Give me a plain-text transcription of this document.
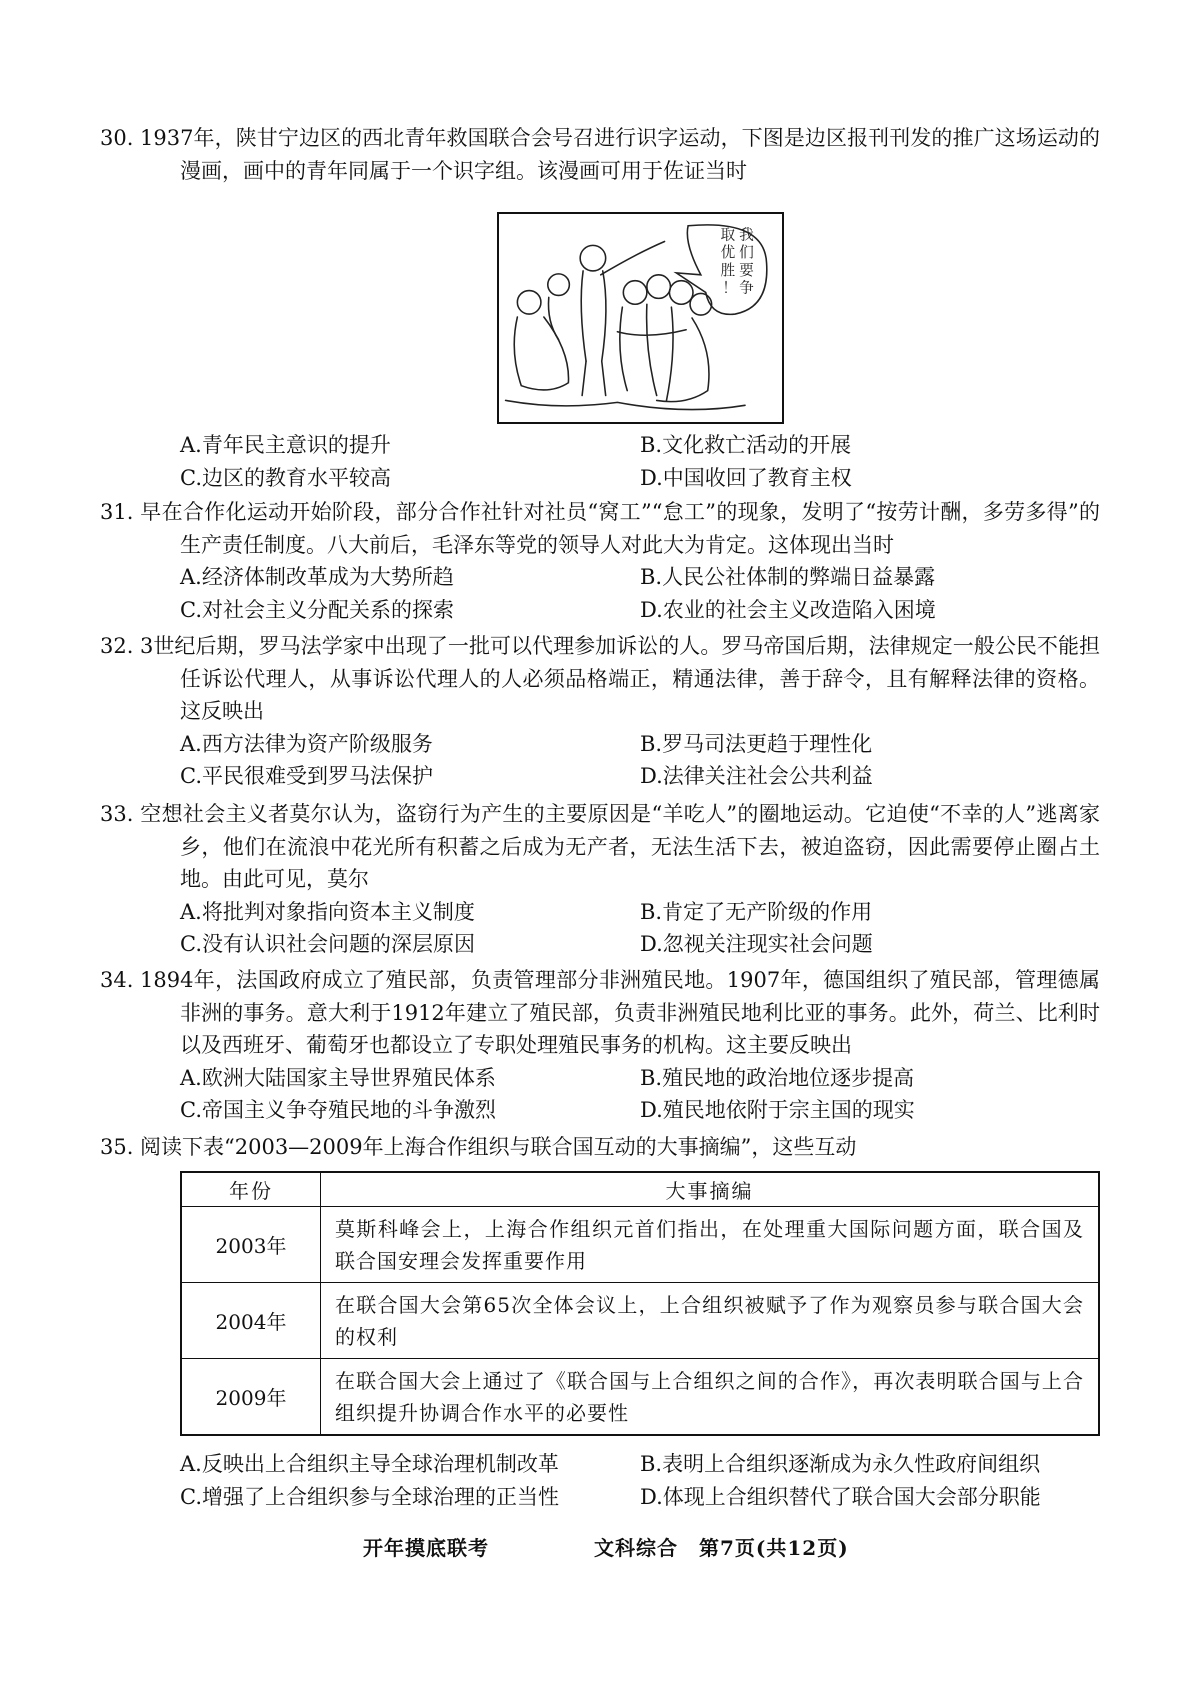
30. 1937年，陕甘宁边区的西北青年救国联合会号召进行识字运动，下图是边区报刊刊发的推广这场运动的漫画，画中的青年同属于一个识字组。该漫画可用于佐证当时
我 们 要 争 取 优 胜 ！
A.青年民主意识的提升	B.文化救亡活动的开展
C.边区的教育水平较高	D.中国收回了教育主权
31. 早在合作化运动开始阶段，部分合作社针对社员“窝工”“怠工”的现象，发明了“按劳计酬，多劳多得”的生产责任制度。八大前后，毛泽东等党的领导人对此大为肯定。这体现出当时
A.经济体制改革成为大势所趋	B.人民公社体制的弊端日益暴露
C.对社会主义分配关系的探索	D.农业的社会主义改造陷入困境
32. 3世纪后期，罗马法学家中出现了一批可以代理参加诉讼的人。罗马帝国后期，法律规定一般公民不能担任诉讼代理人，从事诉讼代理人的人必须品格端正，精通法律，善于辞令，且有解释法律的资格。这反映出
A.西方法律为资产阶级服务	B.罗马司法更趋于理性化
C.平民很难受到罗马法保护	D.法律关注社会公共利益
33. 空想社会主义者莫尔认为，盗窃行为产生的主要原因是“羊吃人”的圈地运动。它迫使“不幸的人”逃离家乡，他们在流浪中花光所有积蓄之后成为无产者，无法生活下去，被迫盗窃，因此需要停止圈占土地。由此可见，莫尔
A.将批判对象指向资本主义制度	B.肯定了无产阶级的作用
C.没有认识社会问题的深层原因	D.忽视关注现实社会问题
34. 1894年，法国政府成立了殖民部，负责管理部分非洲殖民地。1907年，德国组织了殖民部，管理德属非洲的事务。意大利于1912年建立了殖民部，负责非洲殖民地利比亚的事务。此外，荷兰、比利时以及西班牙、葡萄牙也都设立了专职处理殖民事务的机构。这主要反映出
A.欧洲大陆国家主导世界殖民体系	B.殖民地的政治地位逐步提高
C.帝国主义争夺殖民地的斗争激烈	D.殖民地依附于宗主国的现实
35. 阅读下表“2003—2009年上海合作组织与联合国互动的大事摘编”，这些互动
年份	大事摘编
2003年	莫斯科峰会上，上海合作组织元首们指出，在处理重大国际问题方面，联合国及联合国安理会发挥重要作用
2004年	在联合国大会第65次全体会议上，上合组织被赋予了作为观察员参与联合国大会的权利
2009年	在联合国大会上通过了《联合国与上合组织之间的合作》，再次表明联合国与上合组织提升协调合作水平的必要性
A.反映出上合组织主导全球治理机制改革	B.表明上合组织逐渐成为永久性政府间组织
C.增强了上合组织参与全球治理的正当性	D.体现上合组织替代了联合国大会部分职能
开年摸底联考	文科综合　第7页(共12页)
